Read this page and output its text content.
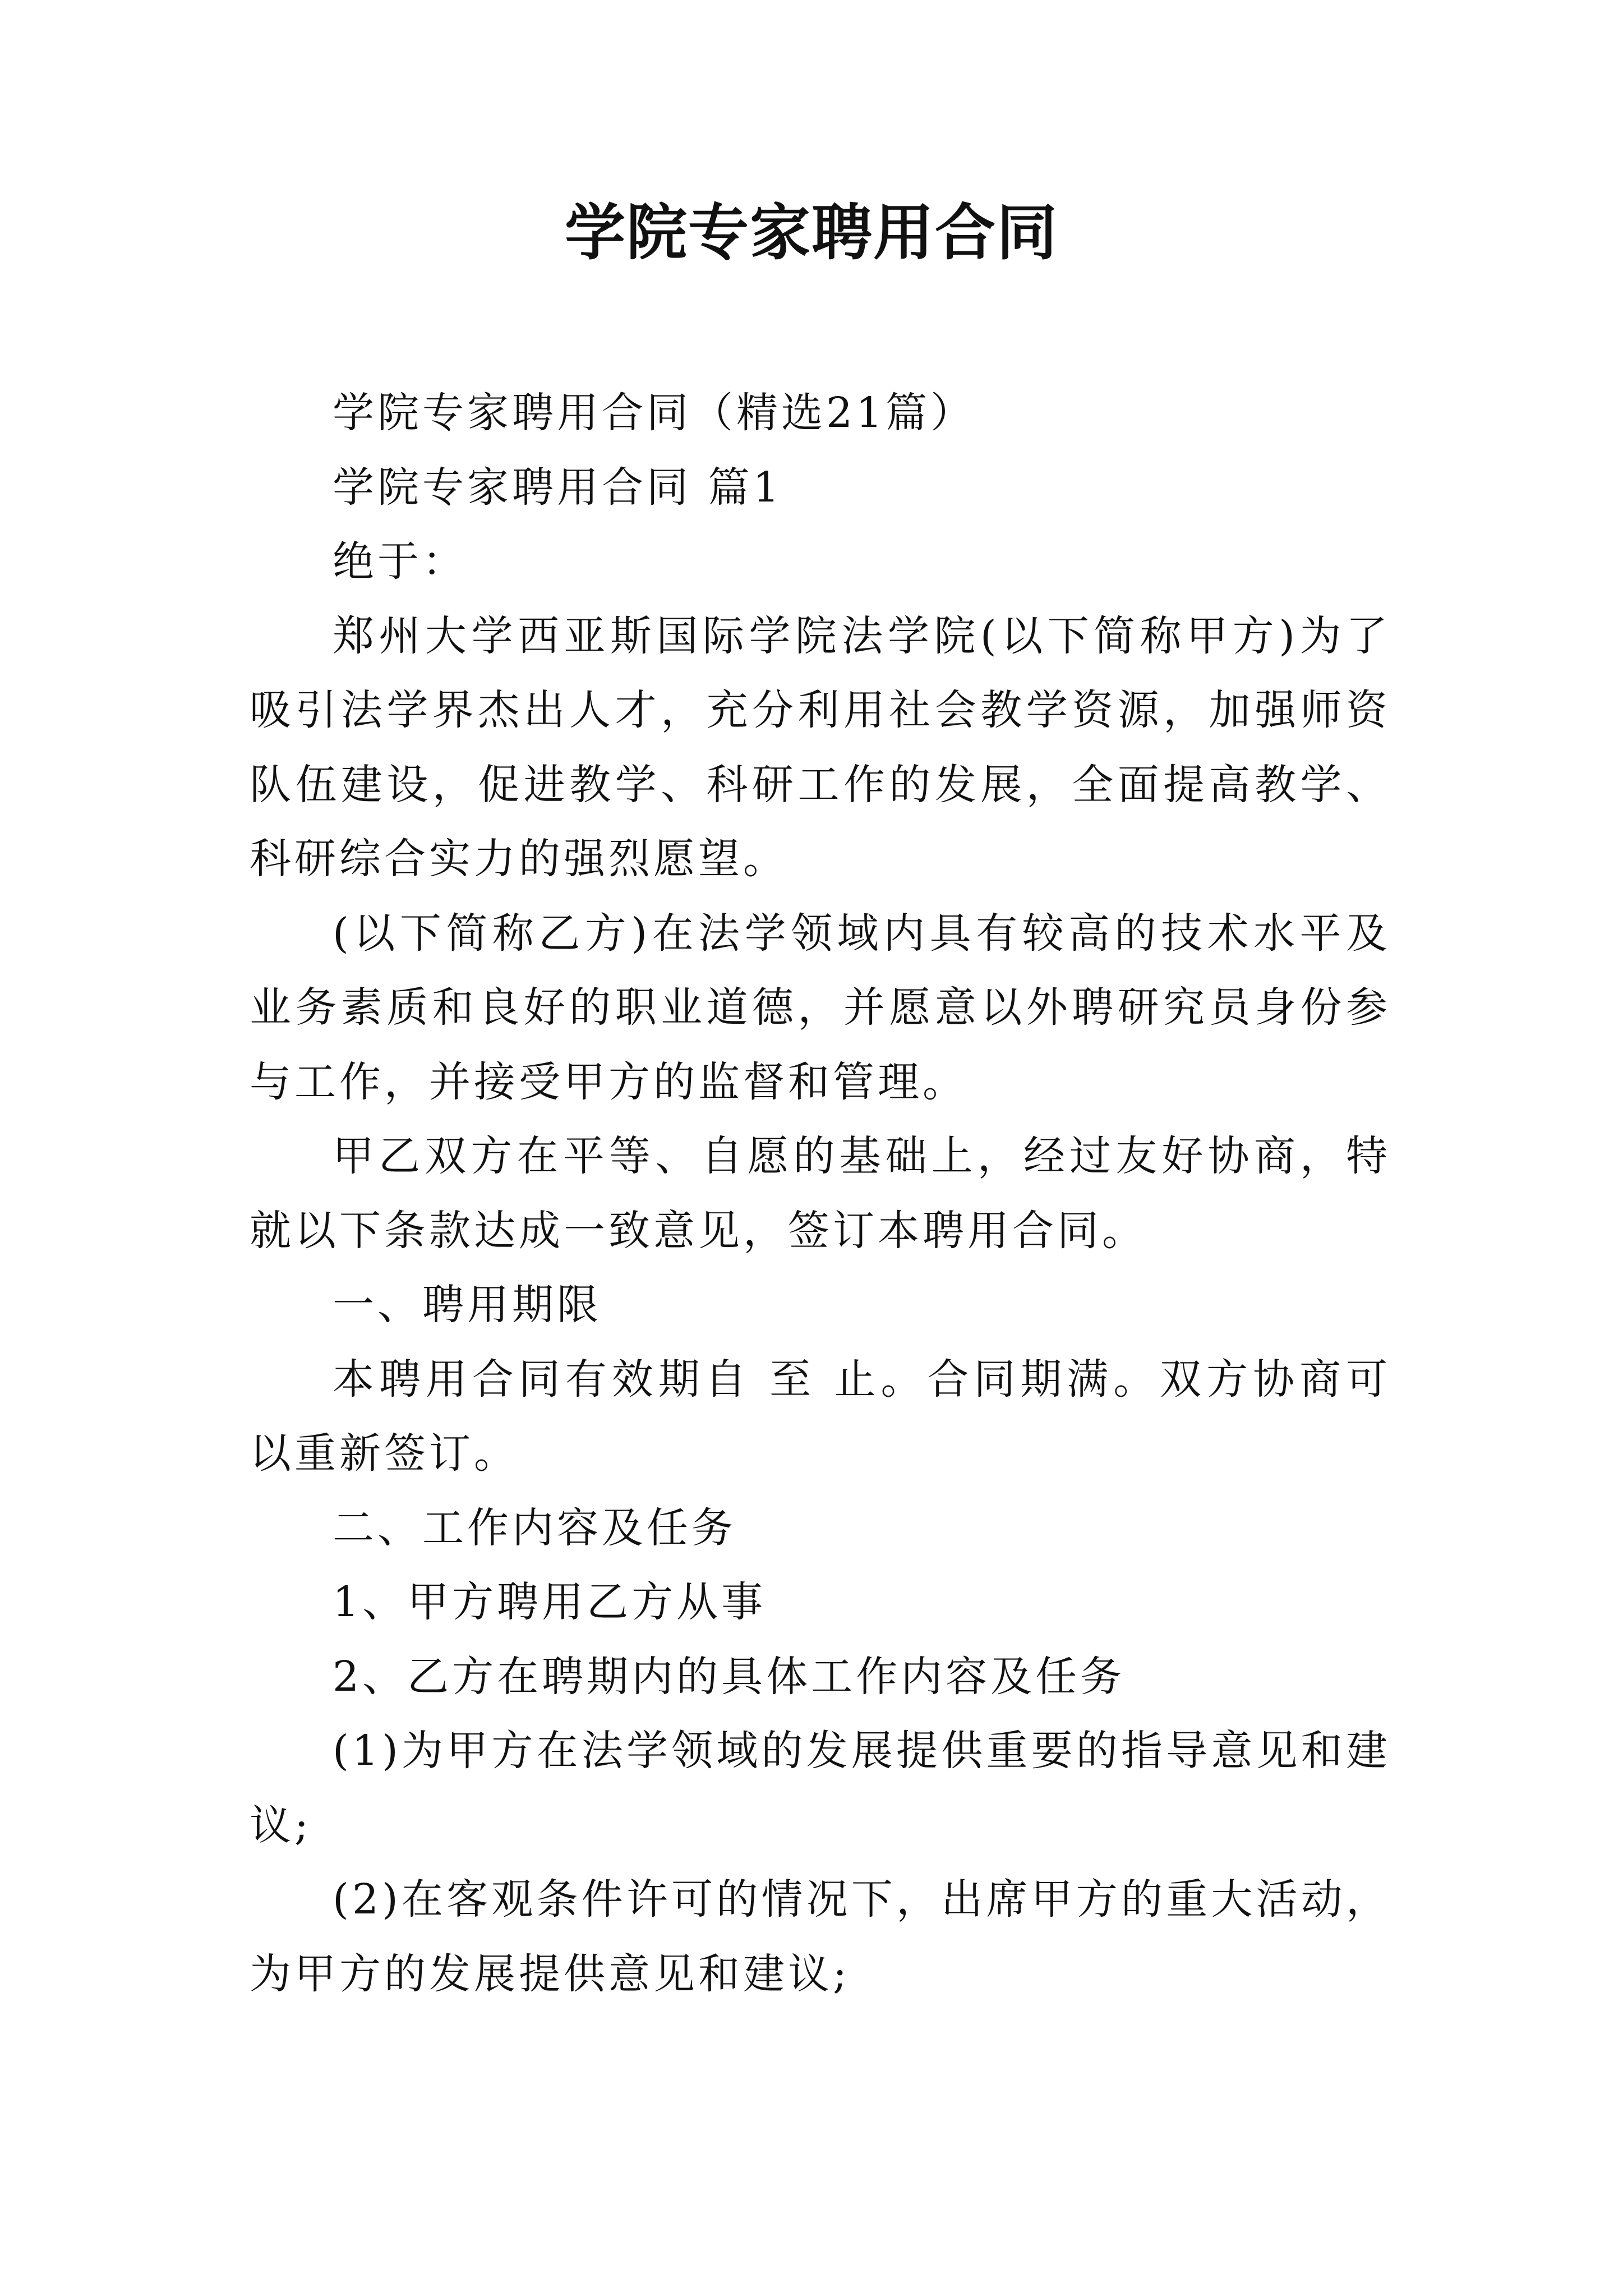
学院专家聘用合同

学院专家聘用合同（精选21篇）

学院专家聘用合同 篇1

绝于：

郑州大学西亚斯国际学院法学院(以下简称甲方)为了吸引法学界杰出人才，充分利用社会教学资源，加强师资队伍建设，促进教学、科研工作的发展，全面提高教学、科研综合实力的强烈愿望。

(以下简称乙方)在法学领域内具有较高的技术水平及业务素质和良好的职业道德，并愿意以外聘研究员身份参与工作，并接受甲方的监督和管理。

甲乙双方在平等、自愿的基础上，经过友好协商，特就以下条款达成一致意见，签订本聘用合同。

一、聘用期限

本聘用合同有效期自 至 止。合同期满。双方协商可以重新签订。

二、工作内容及任务

1、甲方聘用乙方从事

2、乙方在聘期内的具体工作内容及任务

(1)为甲方在法学领域的发展提供重要的指导意见和建议;

(2)在客观条件许可的情况下，出席甲方的重大活动，为甲方的发展提供意见和建议;
